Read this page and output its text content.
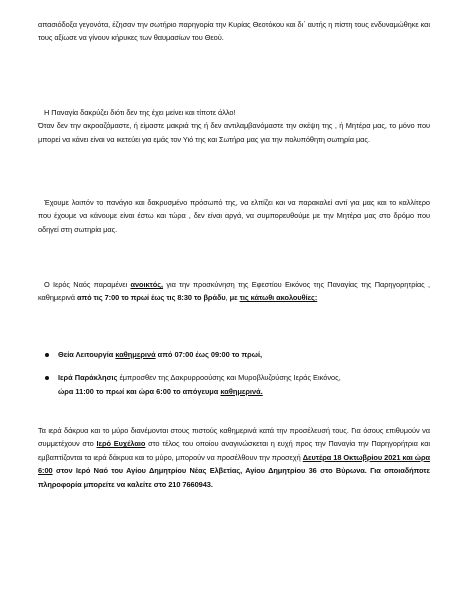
απασιόδοξα γεγονότα, έζησαν την σωτήριο παρηγορία την Κυρίας Θεοτόκου και δι΄ αυτής η πίστη τους ενδυναμώθηκε και τους αξίωσε να γίνουν κήρυκες των θαυμασίων του Θεού.

Η Παναγία δακρύζει διότι δεν της έχει μείνει και τίποτε άλλο!
Όταν δεν την ακροαζόμαστε, ή είμαστε μακριά της ή δεν αντιλαμβανόμαστε την σκέψη της , ή Μητέρα μας, το μόνο που μπορεί να κάνει είναι να ικετεύει για εμάς τον Υιό της και Σωτήρα μας για την πολυπόθητη σωτηρία μας.

Έχουμε λοιπόν το πανάγιο και δακρυσμένο πρόσωπό της, να ελπίζει και να παρακαλεί αντί για μας και το καλλίτερο που έχουμε να κάνουμε είναι έστω και τώρα , δεν είναι αργά, να συμπορευθούμε με την Μητέρα μας στο δρόμο που οδηγεί στη σωτηρία μας.

Ο Ιερός Ναός παραμένει ανοικτός, για την προσκύνηση της Εφεστίου Εικόνος της Παναγίας της Παρηγορητρίας , καθημερινά από τις 7:00 το πρωί έως τις 8:30 το βράδυ, με τις κάτωθι ακολουθίες:

Θεία Λειτουργία καθημερινά από 07:00 έως 09:00 το πρωί,
Ιερά Παράκλησις έμπροσθεν της Δακρυρροούσης και Μυροβλυζούσης Ιεράς Εικόνος,
ώρα 11:00 το πρωί και ώρα 6:00 το απόγευμα καθημερινά.

Τα ιερά δάκρυα και το μύρο διανέμονται στους πιστούς καθημερινά κατά την προσέλευσή τους. Για όσους επιθυμούν να συμμετέχουν στο Ιερό Ευχέλαιο στο τέλος του οποίου αναγινώσκεται η ευχή προς την Παναγία την Παρηγορήτρια και εμβαπτίζονται τα ιερά δάκρυα και το μύρο, μπορούν να προσέλθουν την προσεχή Δευτέρα 18 Οκτωβρίου 2021 και ώρα 6:00 στον Ιερό Ναό του Αγίου Δημητρίου Νέας Ελβετίας, Αγίου Δημητρίου 36 στο Βύρωνα. Για οποιαδήποτε πληροφορία μπορείτε να καλείτε στο 210 7660943.
